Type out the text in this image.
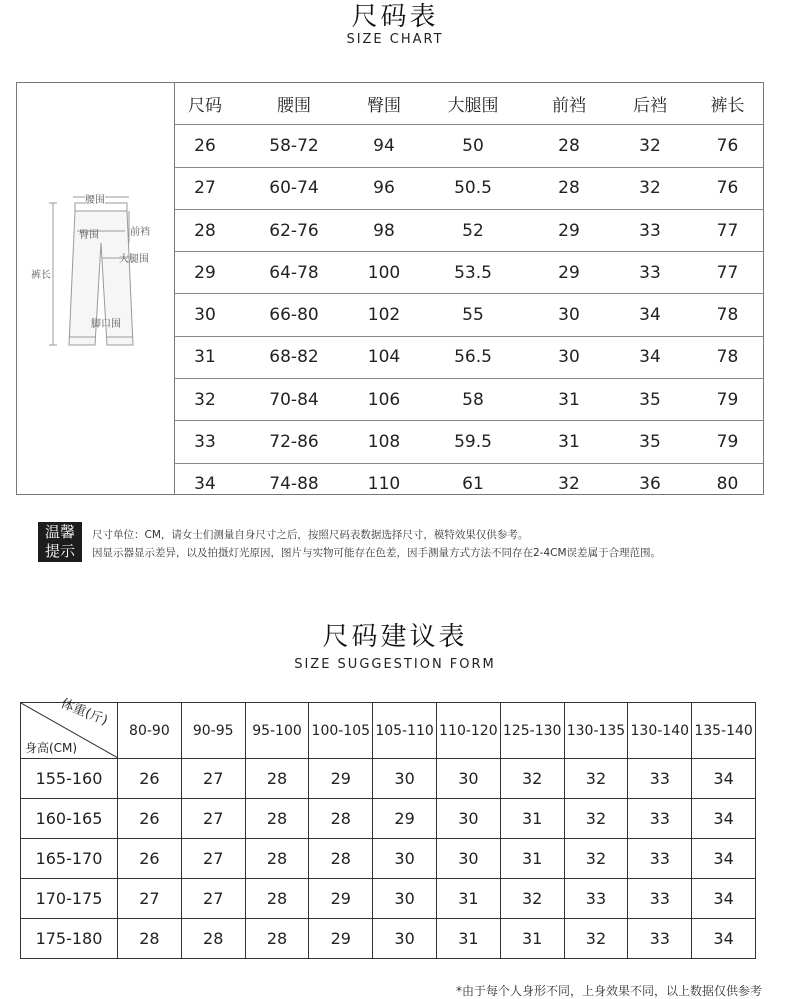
尺码表
SIZE CHART
腰围
臀围	前裆
大腿围
裤长
脚口围
尺码	腰围	臀围	大腿围	前裆	后裆	裤长
26	58-72	94	50	28	32	76
27	60-74	96	50.5	28	32	76
28	62-76	98	52	29	33	77
29	64-78	100	53.5	29	33	77
30	66-80	102	55	30	34	78
31	68-82	104	56.5	30	34	78
32	70-84	106	58	31	35	79
33	72-86	108	59.5	31	35	79
34	74-88	110	61	32	36	80
温馨
提示
尺寸单位：CM，请女士们测量自身尺寸之后，按照尺码表数据选择尺寸，模特效果仅供参考。
因显示器显示差异，以及拍摄灯光原因，图片与实物可能存在色差，因手测量方式方法不同存在2-4CM误差属于合理范围。
尺码建议表
SIZE SUGGESTION FORM
体重(斤)
身高(CM)	80-90	90-95	95-100	100-105	105-110	110-120	125-130	130-135	130-140	135-140
155-160	26	27	28	29	30	30	32	32	33	34
160-165	26	27	28	28	29	30	31	32	33	34
165-170	26	27	28	28	30	30	31	32	33	34
170-175	27	27	28	29	30	31	32	33	33	34
175-180	28	28	28	29	30	31	31	32	33	34
*由于每个人身形不同，上身效果不同，以上数据仅供参考
